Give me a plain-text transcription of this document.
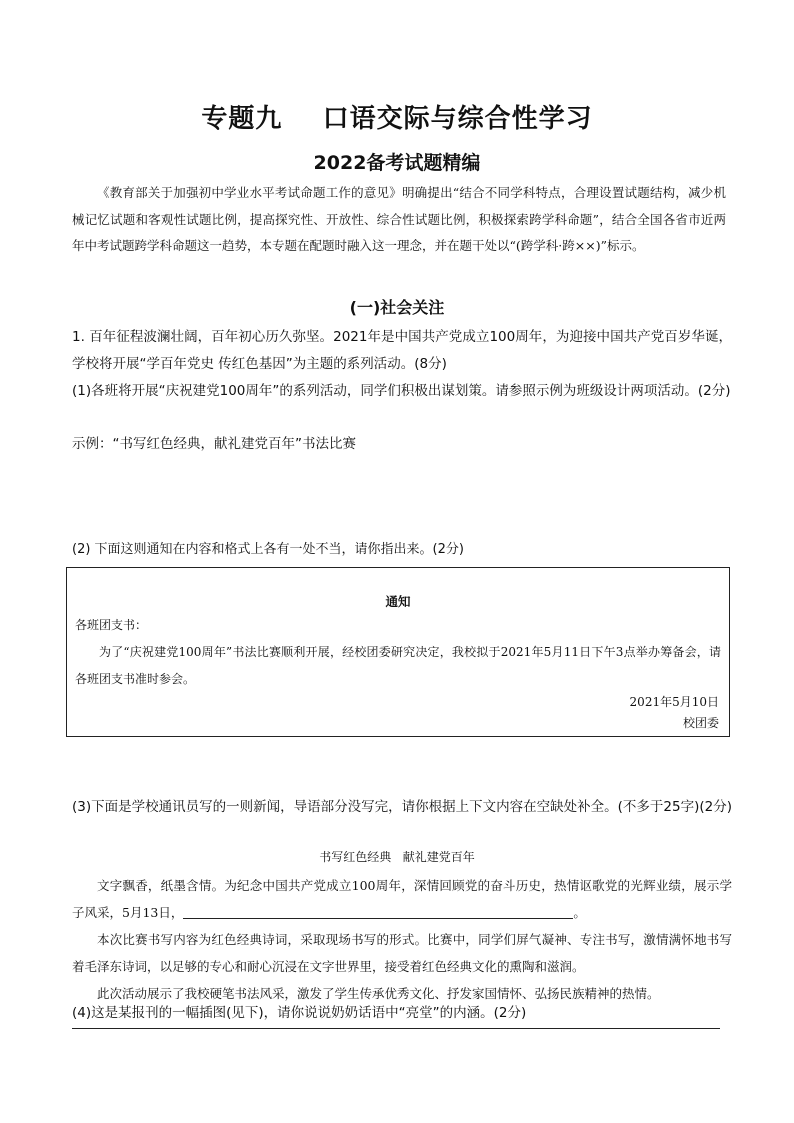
专题九    口语交际与综合性学习
2022备考试题精编

《教育部关于加强初中学业水平考试命题工作的意见》明确提出“结合不同学科特点，合理设置试题结构，减少机械记忆试题和客观性试题比例，提高探究性、开放性、综合性试题比例，积极探索跨学科命题”，结合全国各省市近两年中考试题跨学科命题这一趋势，本专题在配题时融入这一理念，并在题干处以“(跨学科·跨××)”标示。

(一)社会关注

1. 百年征程波澜壮阔，百年初心历久弥坚。2021年是中国共产党成立100周年，为迎接中国共产党百岁华诞，学校将开展“学百年党史 传红色基因”为主题的系列活动。(8分)

(1)各班将开展“庆祝建党100周年”的系列活动，同学们积极出谋划策。请参照示例为班级设计两项活动。(2分)

示例：“书写红色经典，献礼建党百年”书法比赛

(2) 下面这则通知在内容和格式上各有一处不当，请你指出来。(2分)

通知
各班团支书：

为了“庆祝建党100周年”书法比赛顺利开展，经校团委研究决定，我校拟于2021年5月11日下午3点举办筹备会，请各班团支书准时参会。

2021年5月10日
校团委

(3)下面是学校通讯员写的一则新闻，导语部分没写完，请你根据上下文内容在空缺处补全。(不多于25字)(2分)

书写红色经典   献礼建党百年

文字飘香，纸墨含情。为纪念中国共产党成立100周年，深情回顾党的奋斗历史，热情讴歌党的光辉业绩，展示学子风采，5月13日，	。

本次比赛书写内容为红色经典诗词，采取现场书写的形式。比赛中，同学们屏气凝神、专注书写，激情满怀地书写着毛泽东诗词，以足够的专心和耐心沉浸在文字世界里，接受着红色经典文化的熏陶和滋润。

此次活动展示了我校硬笔书法风采，激发了学生传承优秀文化、抒发家国情怀、弘扬民族精神的热情。

(4)这是某报刊的一幅插图(见下)，请你说说奶奶话语中“亮堂”的内涵。(2分)
